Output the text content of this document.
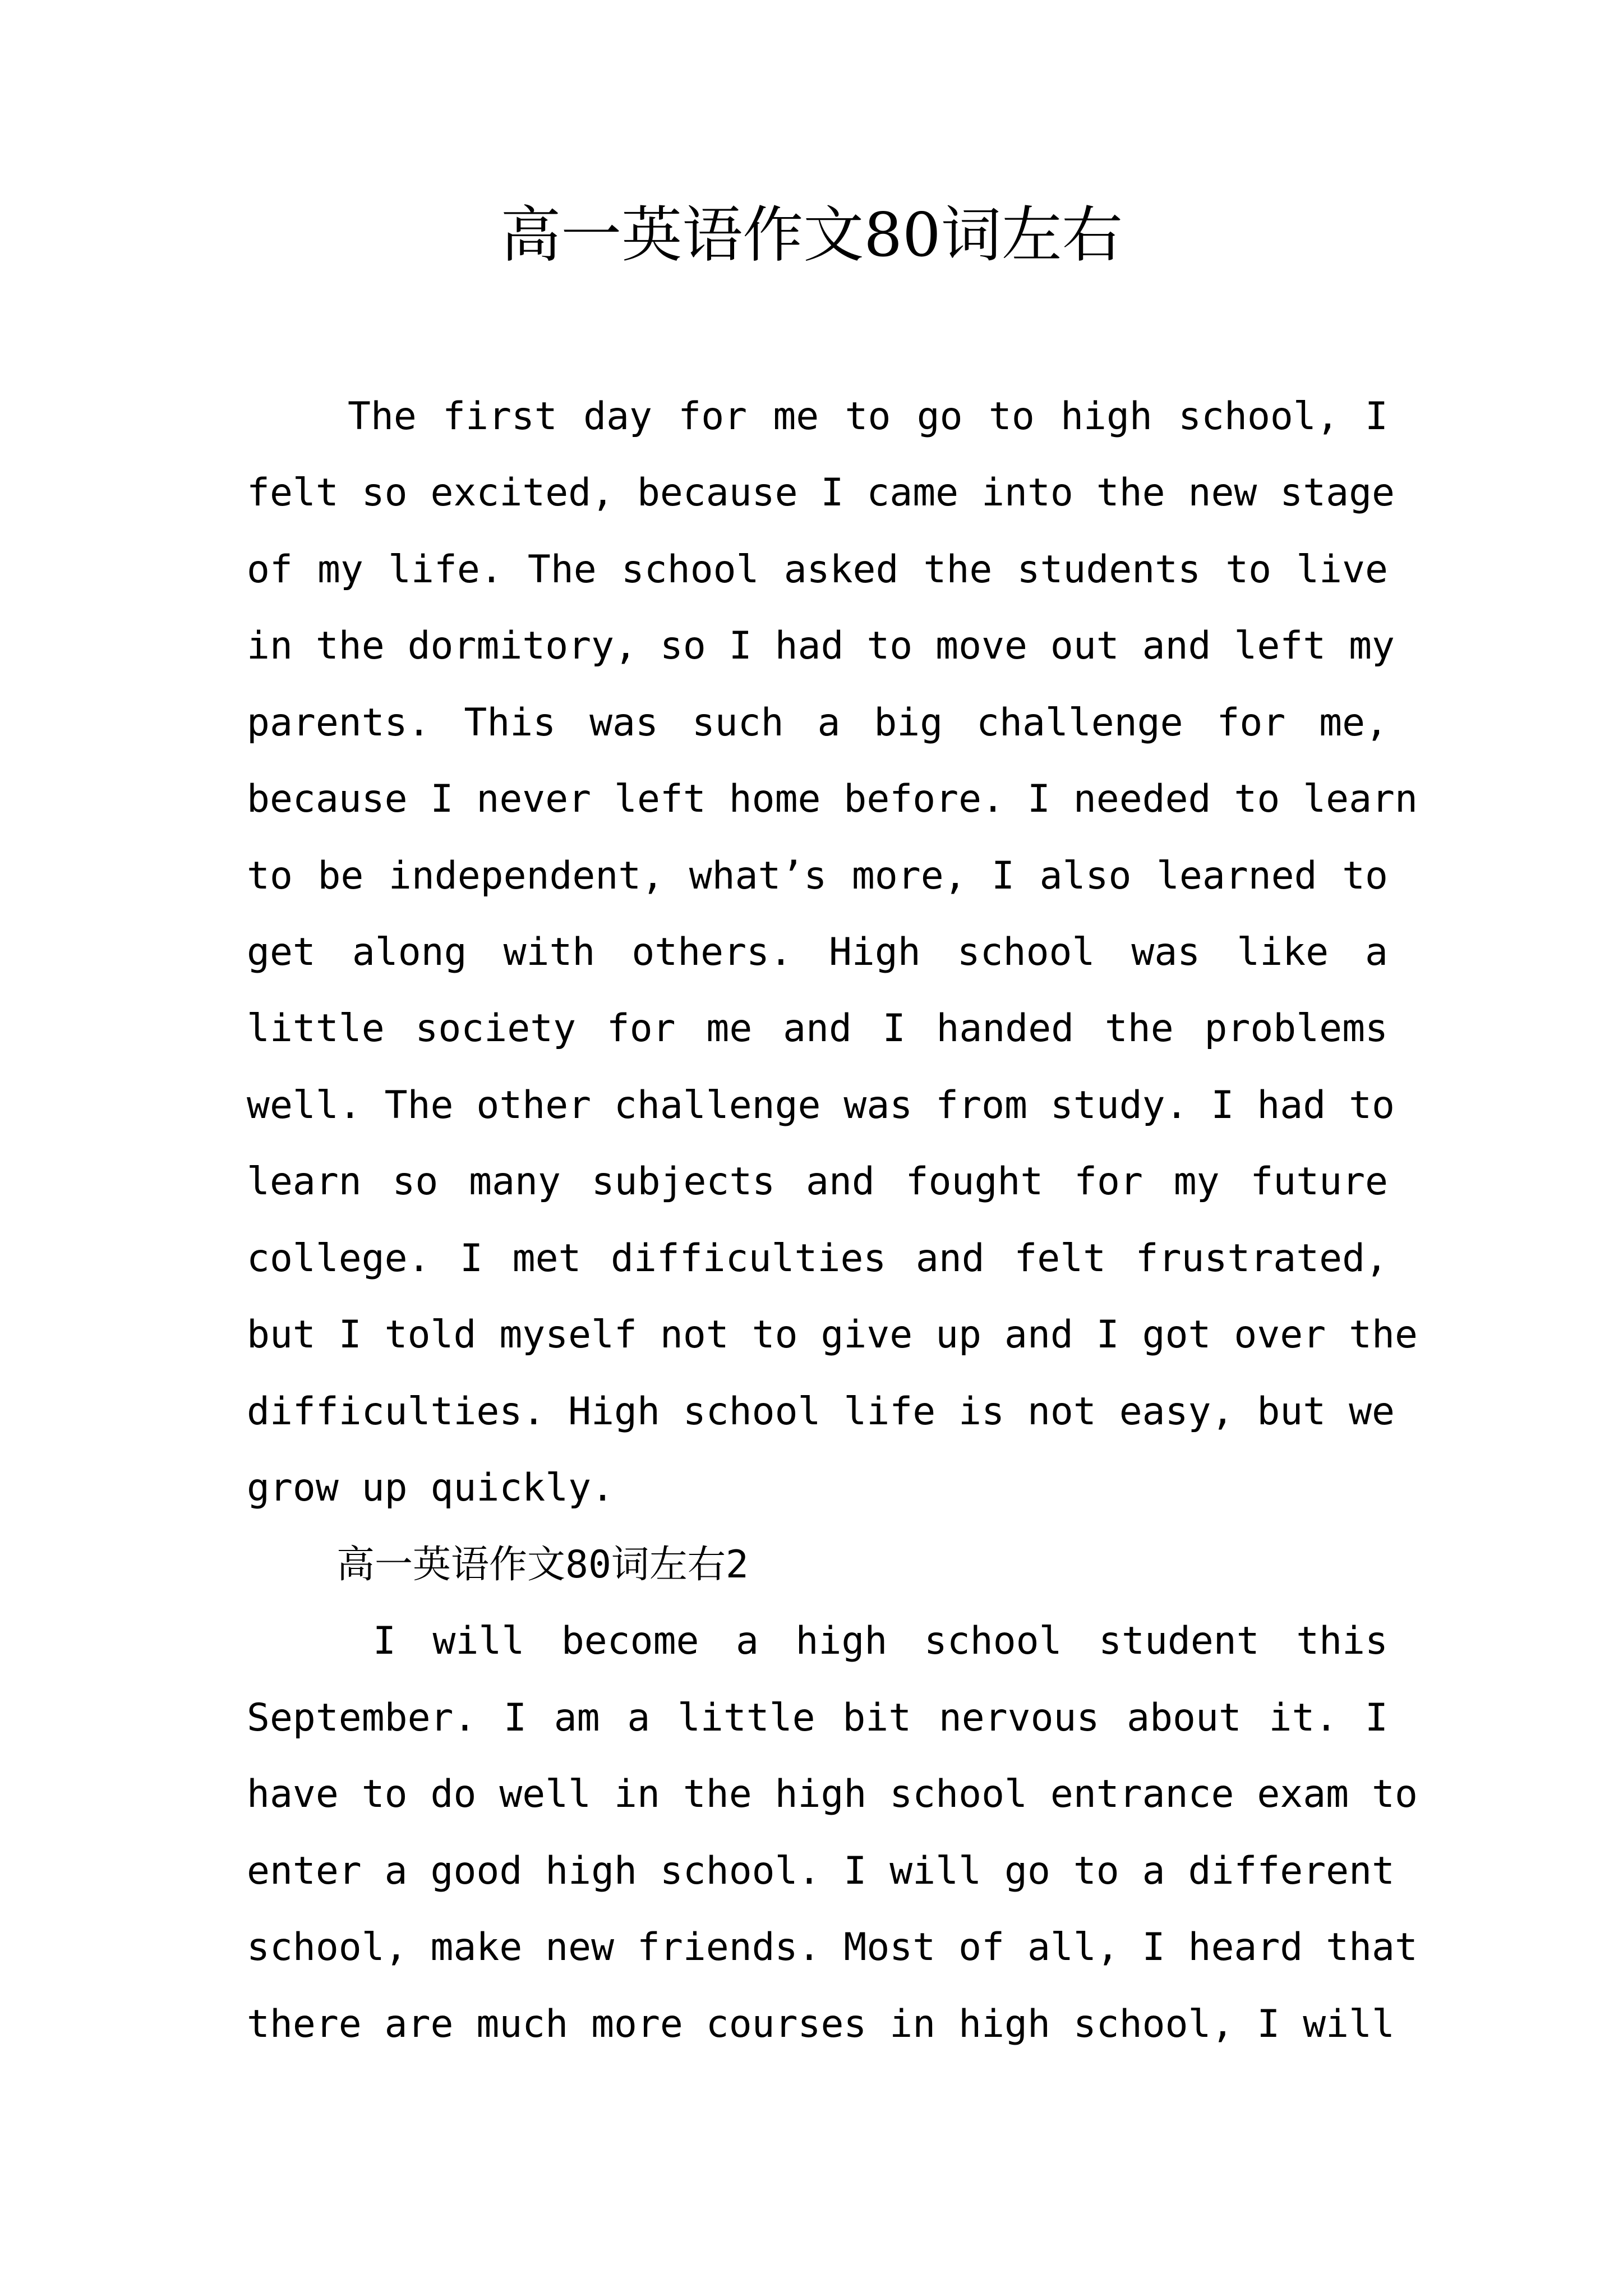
高一英语作文80词左右
The first day for me to go to high school, I
felt so excited, because I came into the new stage
of my life. The school asked the students to live
in the dormitory, so I had to move out and left my
parents. This was such a big challenge for me,
because I never left home before. I needed to learn
to be independent, what’s more, I also learned to
get along with others. High school was like a
little society for me and I handed the problems
well. The other challenge was from study. I had to
learn so many subjects and fought for my future
college. I met difficulties and felt frustrated,
but I told myself not to give up and I got over the
difficulties. High school life is not easy, but we
grow up quickly.
高一英语作文80词左右2
I will become a high school student this
September. I am a little bit nervous about it. I
have to do well in the high school entrance exam to
enter a good high school. I will go to a different
school, make new friends. Most of all, I heard that
there are much more courses in high school, I will
